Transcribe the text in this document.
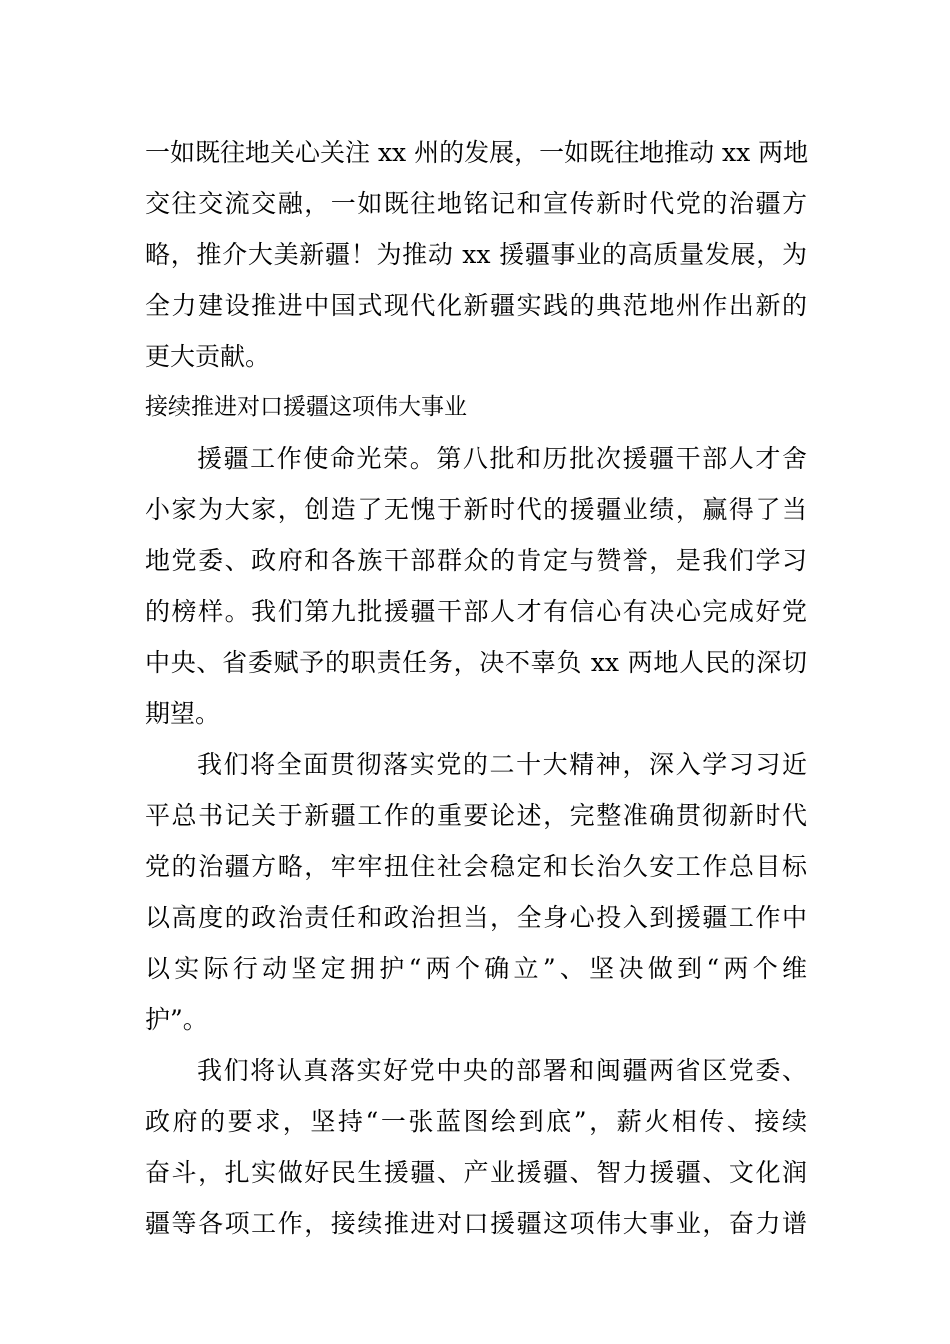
一如既往地关心关注 xx 州的发展，一如既往地推动 xx 两地
交往交流交融，一如既往地铭记和宣传新时代党的治疆方
略，推介大美新疆！为推动 xx 援疆事业的高质量发展，为
全力建设推进中国式现代化新疆实践的典范地州作出新的
更大贡献。
接续推进对口援疆这项伟大事业
援疆工作使命光荣。第八批和历批次援疆干部人才舍
小家为大家，创造了无愧于新时代的援疆业绩，赢得了当
地党委、政府和各族干部群众的肯定与赞誉，是我们学习
的榜样。我们第九批援疆干部人才有信心有决心完成好党
中央、省委赋予的职责任务，决不辜负 xx 两地人民的深切
期望。
我们将全面贯彻落实党的二十大精神，深入学习习近
平总书记关于新疆工作的重要论述，完整准确贯彻新时代
党的治疆方略，牢牢扭住社会稳定和长治久安工作总目标
以高度的政治责任和政治担当，全身心投入到援疆工作中
以实际行动坚定拥护“两个确立”、坚决做到“两个维
护”。
我们将认真落实好党中央的部署和闽疆两省区党委、
政府的要求，坚持“一张蓝图绘到底”，薪火相传、接续
奋斗，扎实做好民生援疆、产业援疆、智力援疆、文化润
疆等各项工作，接续推进对口援疆这项伟大事业，奋力谱
